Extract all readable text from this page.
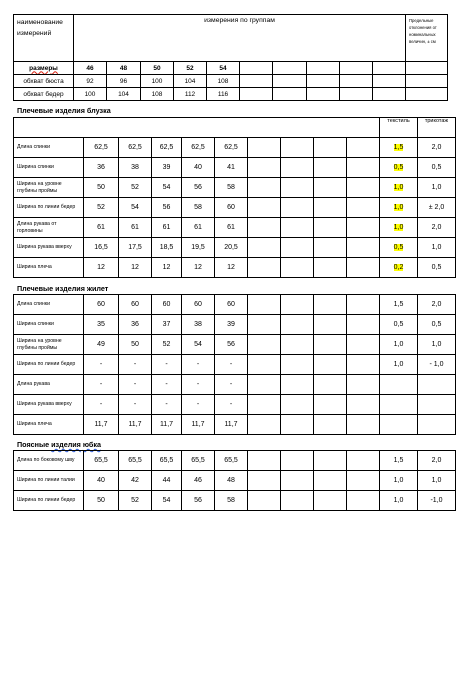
наименование измерений	измерения по группам										Предельные отклонения от номинальных величин, ± см
размеры	46	48	50	52	54						
обхват бюста	92	96	100	104	108						
обхват бедер	100	104	108	112	116						
Плечевые изделия блузка
										текстиль	трикотаж
Длина спинки	62,5	62,5	62,5	62,5	62,5					1,5	2,0
Ширина спинки	36	38	39	40	41					0,5	0,5
Ширина на уровне глубины проймы	50	52	54	56	58					1,0	1,0
Ширина по линии бедер	52	54	56	58	60					1,0	± 2,0
Длина рукава от горловины	61	61	61	61	61					1,0	2,0
Ширина рукава вверху	16,5	17,5	18,5	19,5	20,5					0,5	1,0
Ширина плеча	12	12	12	12	12					0,2	0,5
Плечевые изделия жилет
Длина спинки	60	60	60	60	60					1,5	2,0
Ширина спинки	35	36	37	38	39					0,5	0,5
Ширина на уровне глубины проймы	49	50	52	54	56					1,0	1,0
Ширина по линии бедер	-	-	-	-	-					1,0	- 1,0
Длина рукава	-	-	-	-	-						
Ширина рукава вверху	-	-	-	-	-						
Ширина плеча	11,7	11,7	11,7	11,7	11,7						
Поясные изделия юбка
Длина по боковому шву	65,5	65,5	65,5	65,5	65,5					1,5	2,0
Ширина по линии талии	40	42	44	46	48					1,0	1,0
Ширина по линии бедер	50	52	54	56	58					1,0	-1,0
